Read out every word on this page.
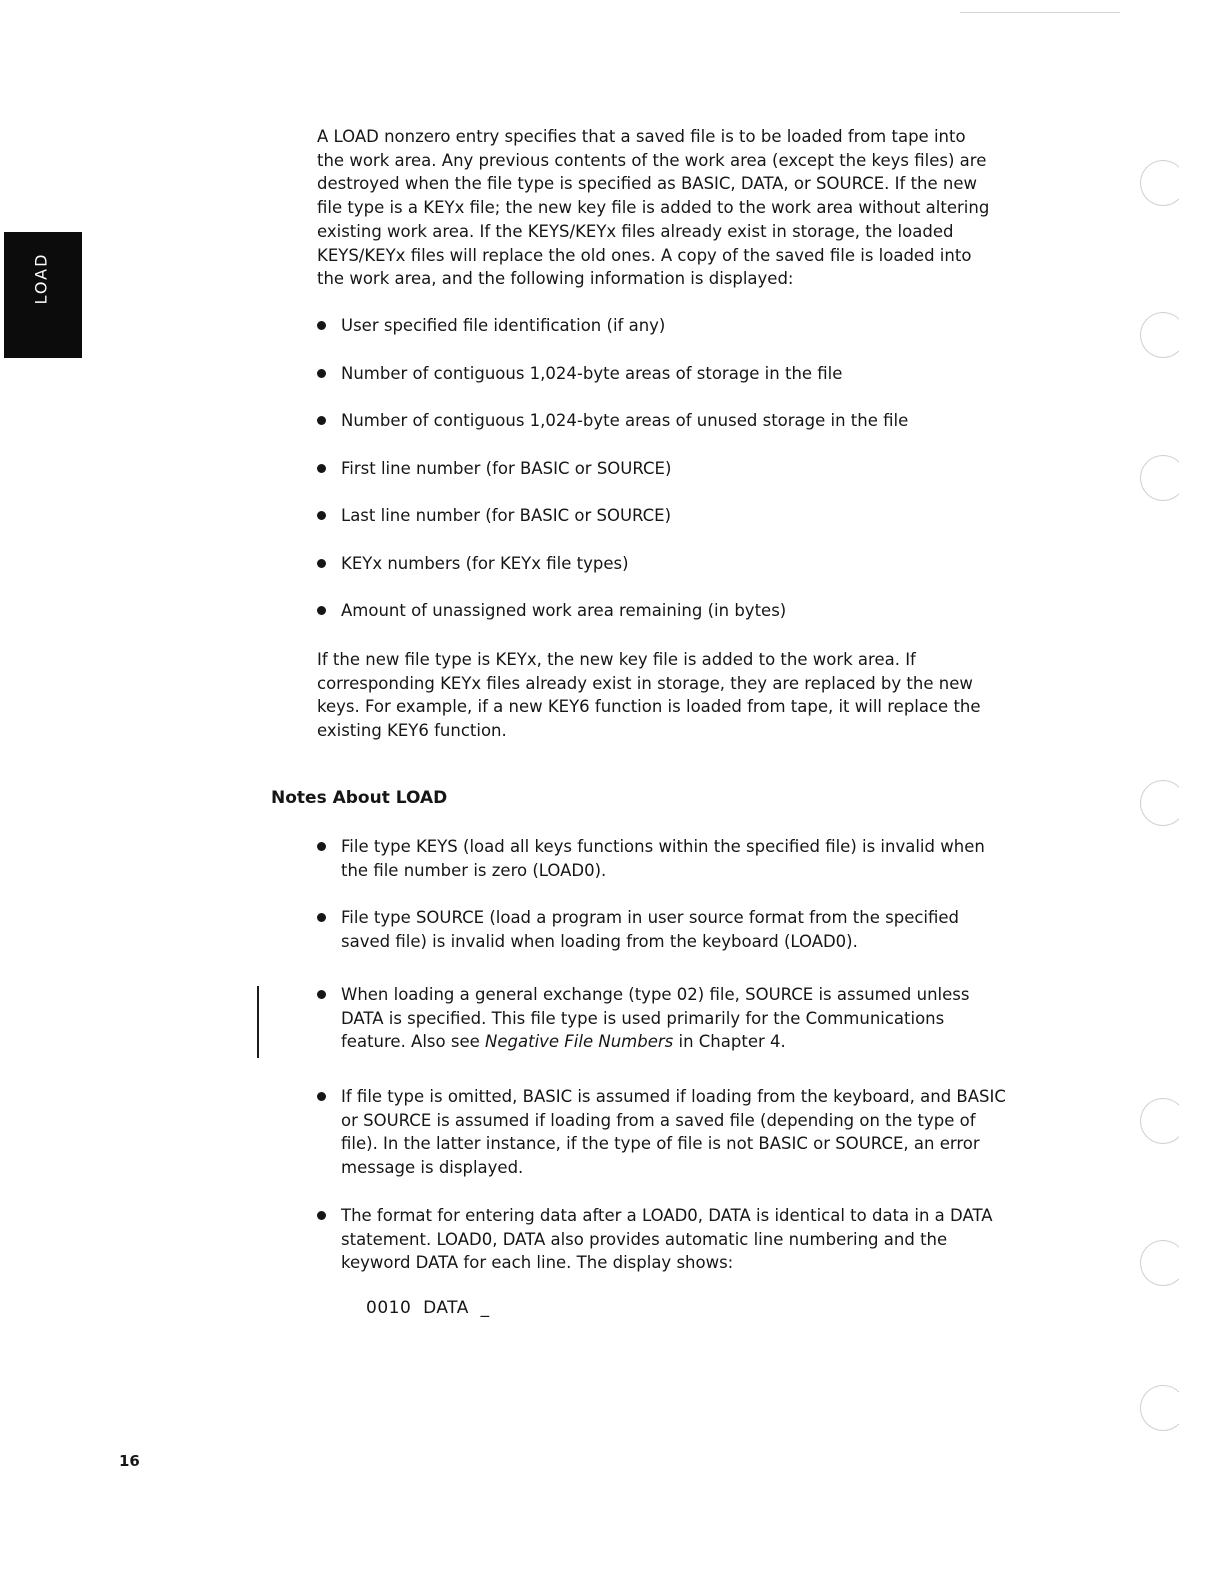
LOAD

A LOAD nonzero entry specifies that a saved file is to be loaded from tape into the work area. Any previous contents of the work area (except the keys files) are destroyed when the file type is specified as BASIC, DATA, or SOURCE. If the new file type is a KEYx file; the new key file is added to the work area without altering existing work area. If the KEYS/KEYx files already exist in storage, the loaded KEYS/KEYx files will replace the old ones. A copy of the saved file is loaded into the work area, and the following information is displayed:

User specified file identification (if any)
Number of contiguous 1,024-byte areas of storage in the file
Number of contiguous 1,024-byte areas of unused storage in the file
First line number (for BASIC or SOURCE)
Last line number (for BASIC or SOURCE)
KEYx numbers (for KEYx file types)
Amount of unassigned work area remaining (in bytes)

If the new file type is KEYx, the new key file is added to the work area. If corresponding KEYx files already exist in storage, they are replaced by the new keys. For example, if a new KEY6 function is loaded from tape, it will replace the existing KEY6 function.

Notes About LOAD
File type KEYS (load all keys functions within the specified file) is invalid when the file number is zero (LOAD0).
File type SOURCE (load a program in user source format from the specified saved file) is invalid when loading from the keyboard (LOAD0).
When loading a general exchange (type 02) file, SOURCE is assumed unless DATA is specified. This file type is used primarily for the Communications feature. Also see Negative File Numbers in Chapter 4.
If file type is omitted, BASIC is assumed if loading from the keyboard, and BASIC or SOURCE is assumed if loading from a saved file (depending on the type of file). In the latter instance, if the type of file is not BASIC or SOURCE, an error message is displayed.
The format for entering data after a LOAD0, DATA is identical to data in a DATA statement. LOAD0, DATA also provides automatic line numbering and the keyword DATA for each line. The display shows:
0010  DATA  _
16
